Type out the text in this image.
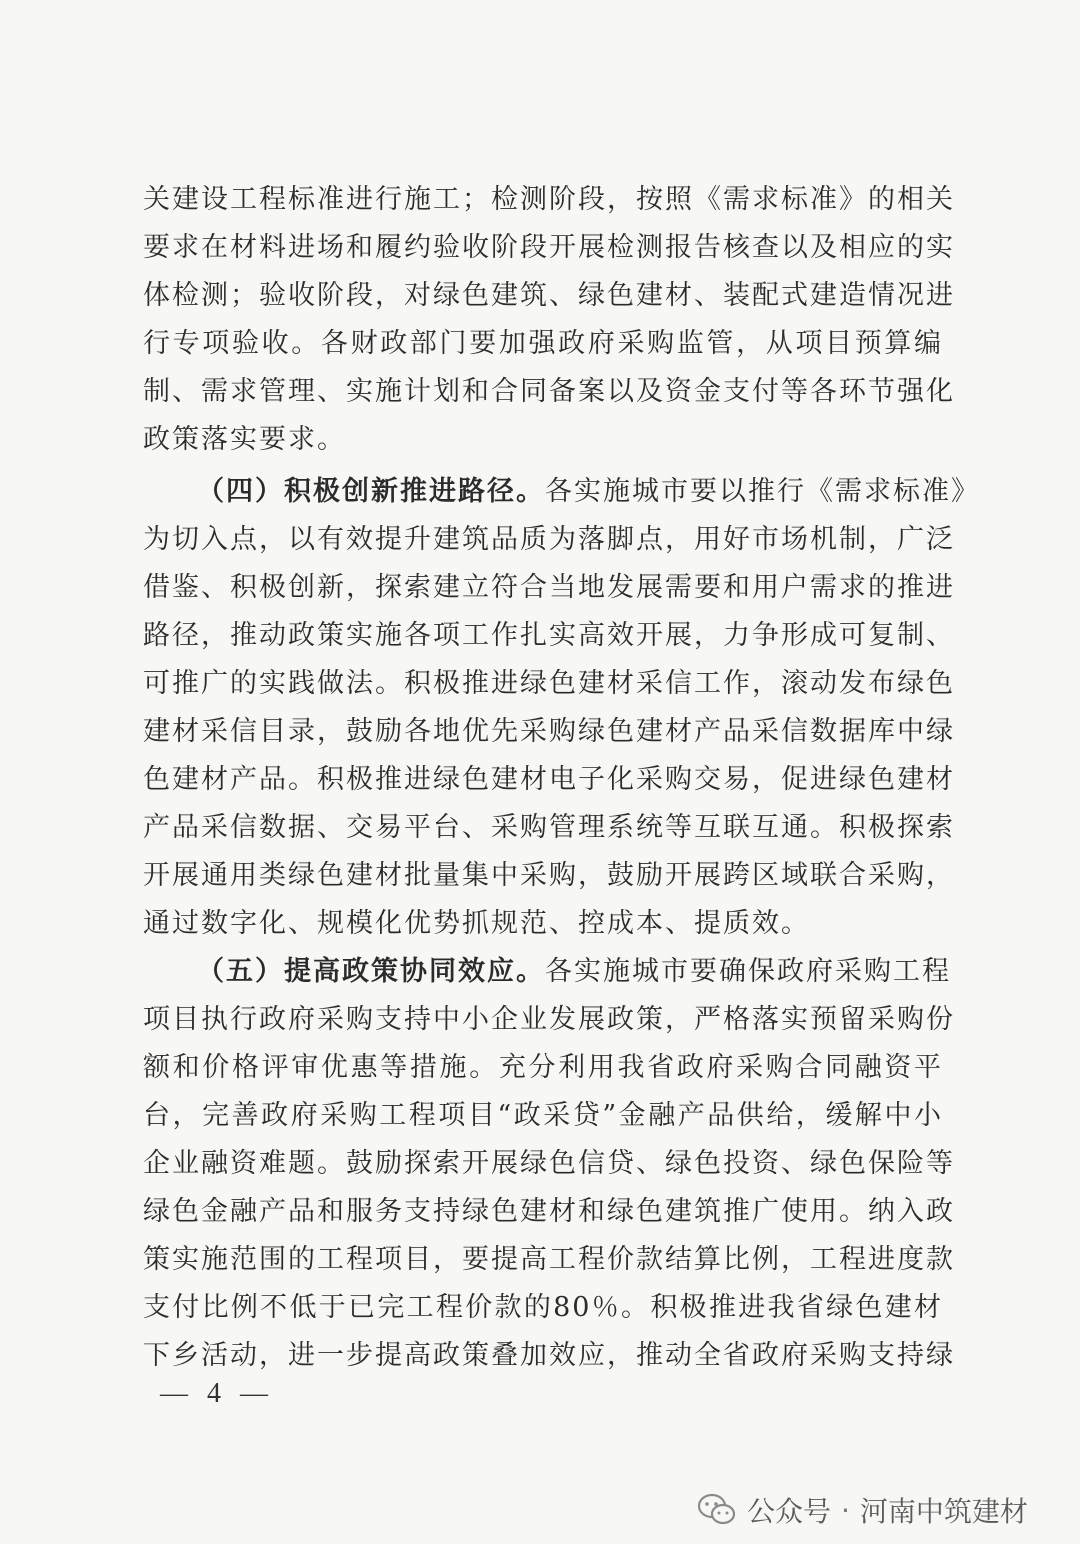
关建设工程标准进行施工；检测阶段，按照《需求标准》的相关
要求在材料进场和履约验收阶段开展检测报告核查以及相应的实
体检测；验收阶段，对绿色建筑、绿色建材、装配式建造情况进
行专项验收。各财政部门要加强政府采购监管，从项目预算编
制、需求管理、实施计划和合同备案以及资金支付等各环节强化
政策落实要求。
（四）积极创新推进路径。各实施城市要以推行《需求标准》
为切入点，以有效提升建筑品质为落脚点，用好市场机制，广泛
借鉴、积极创新，探索建立符合当地发展需要和用户需求的推进
路径，推动政策实施各项工作扎实高效开展，力争形成可复制、
可推广的实践做法。积极推进绿色建材采信工作，滚动发布绿色
建材采信目录，鼓励各地优先采购绿色建材产品采信数据库中绿
色建材产品。积极推进绿色建材电子化采购交易，促进绿色建材
产品采信数据、交易平台、采购管理系统等互联互通。积极探索
开展通用类绿色建材批量集中采购，鼓励开展跨区域联合采购，
通过数字化、规模化优势抓规范、控成本、提质效。
（五）提高政策协同效应。各实施城市要确保政府采购工程
项目执行政府采购支持中小企业发展政策，严格落实预留采购份
额和价格评审优惠等措施。充分利用我省政府采购合同融资平
台，完善政府采购工程项目“政采贷”金融产品供给，缓解中小
企业融资难题。鼓励探索开展绿色信贷、绿色投资、绿色保险等
绿色金融产品和服务支持绿色建材和绿色建筑推广使用。纳入政
策实施范围的工程项目，要提高工程价款结算比例，工程进度款
支付比例不低于已完工程价款的80％。积极推进我省绿色建材
下乡活动，进一步提高政策叠加效应，推动全省政府采购支持绿
— 4 —
公众号 · 河南中筑建材
